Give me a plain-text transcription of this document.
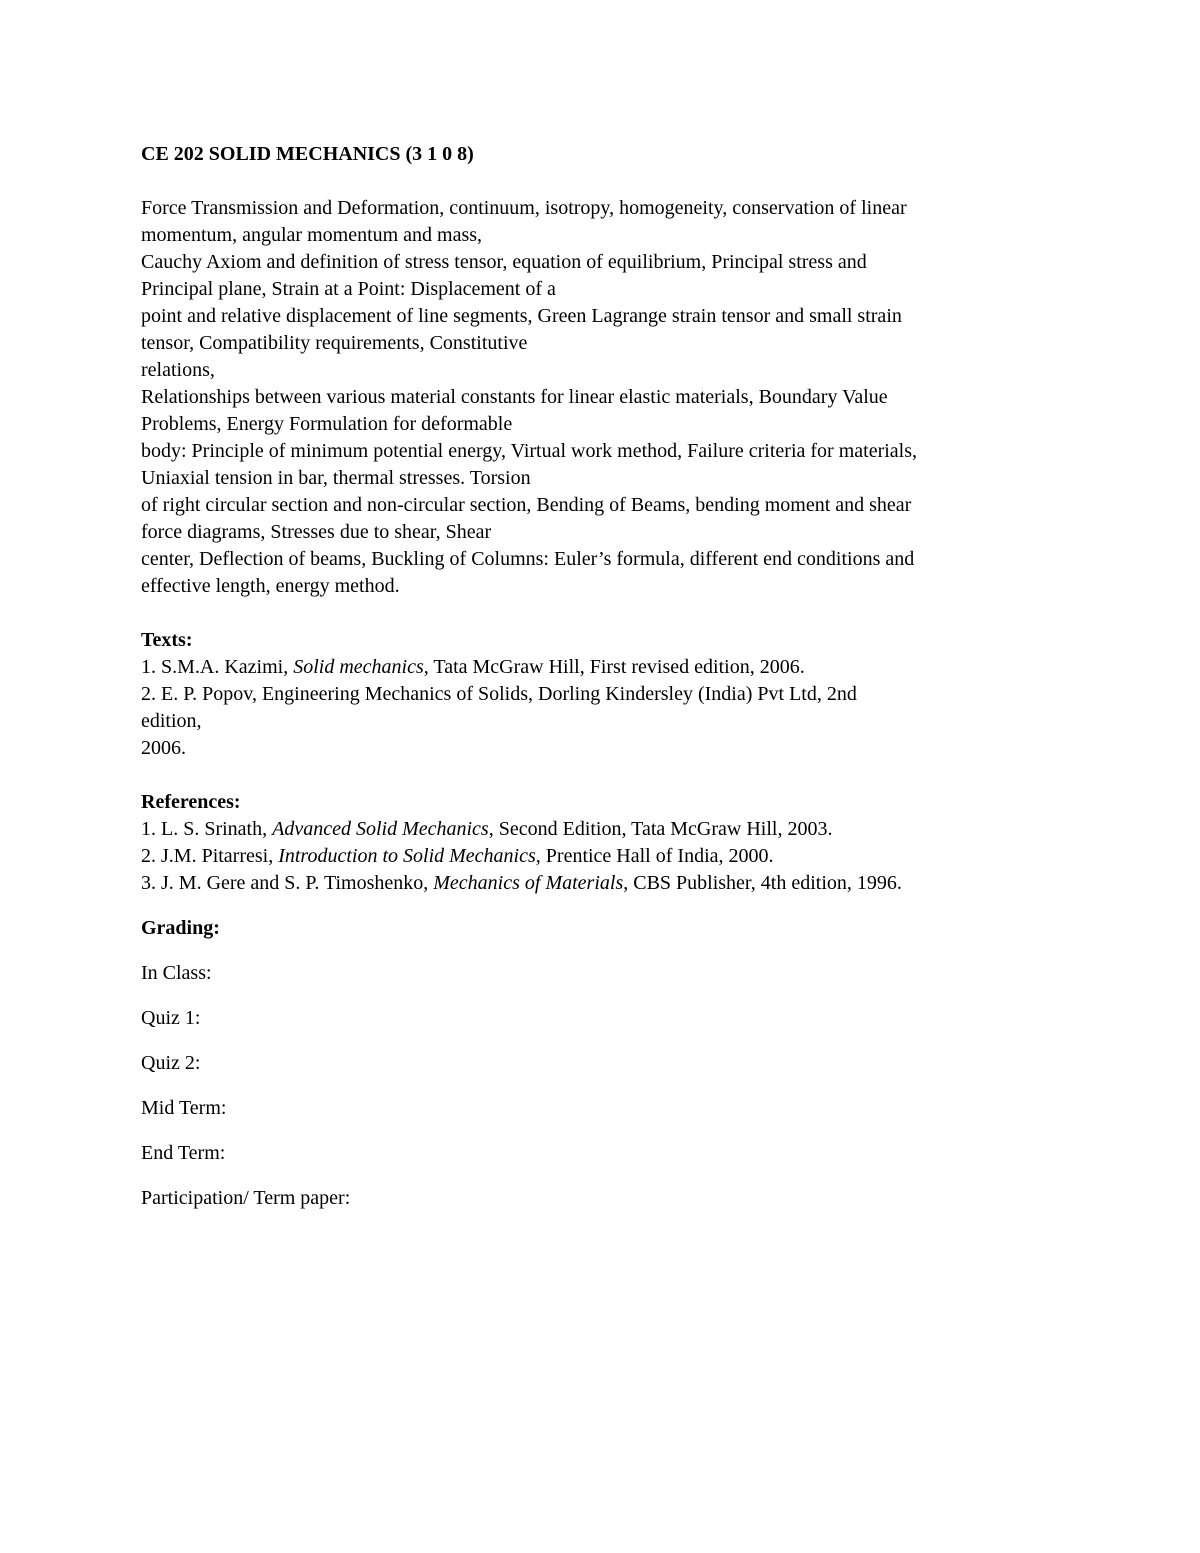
CE 202 SOLID MECHANICS (3 1 0 8)
Force Transmission and Deformation, continuum, isotropy, homogeneity, conservation of linear
momentum, angular momentum and mass,
Cauchy Axiom and definition of stress tensor, equation of equilibrium, Principal stress and
Principal plane, Strain at a Point: Displacement of a
point and relative displacement of line segments, Green Lagrange strain tensor and small strain
tensor, Compatibility requirements, Constitutive
relations,
Relationships between various material constants for linear elastic materials, Boundary Value
Problems, Energy Formulation for deformable
body: Principle of minimum potential energy, Virtual work method, Failure criteria for materials,
Uniaxial tension in bar, thermal stresses. Torsion
of right circular section and non-circular section, Bending of Beams, bending moment and shear
force diagrams, Stresses due to shear, Shear
center, Deflection of beams, Buckling of Columns: Euler’s formula, different end conditions and
effective length, energy method.
Texts:
1. S.M.A. Kazimi, Solid mechanics, Tata McGraw Hill, First revised edition, 2006.
2. E. P. Popov, Engineering Mechanics of Solids, Dorling Kindersley (India) Pvt Ltd, 2nd
edition,
2006.
References:
1. L. S. Srinath, Advanced Solid Mechanics, Second Edition, Tata McGraw Hill, 2003.
2. J.M. Pitarresi, Introduction to Solid Mechanics, Prentice Hall of India, 2000.
3. J. M. Gere and S. P. Timoshenko, Mechanics of Materials, CBS Publisher, 4th edition, 1996.
Grading:
In Class:
Quiz 1:
Quiz 2:
Mid Term:
End Term:
Participation/ Term paper:
